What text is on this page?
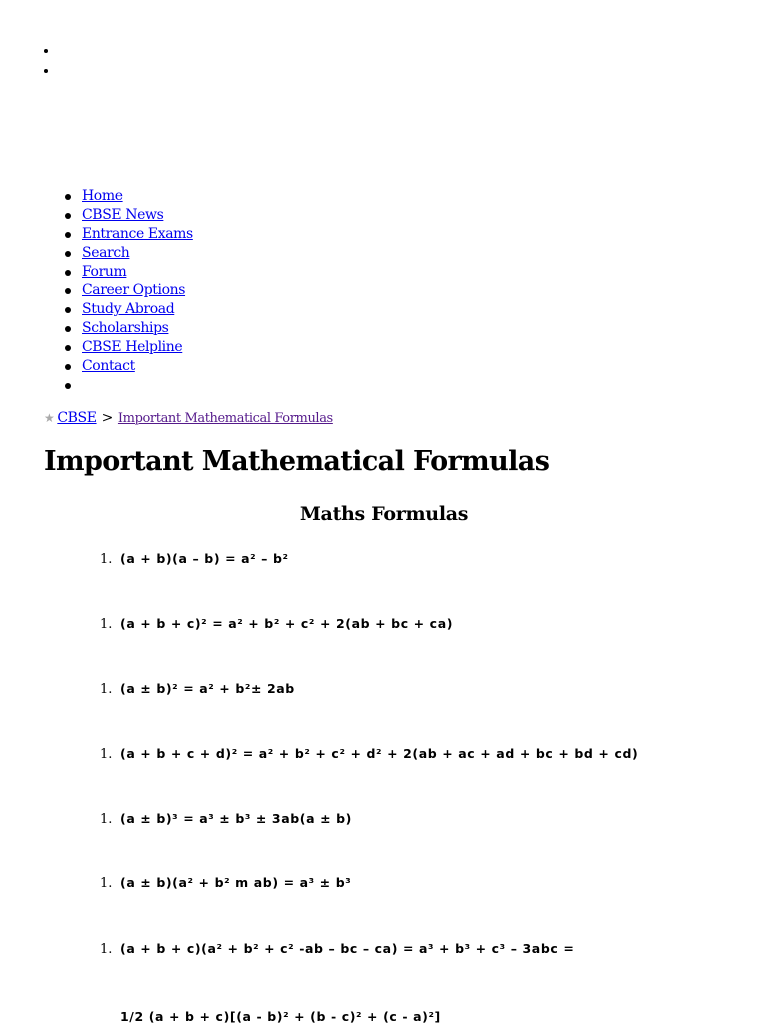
Home
CBSE News
Entrance Exams
Search
Forum
Career Options
Study Abroad
Scholarships
CBSE Helpline
Contact
★ CBSE > Important Mathematical Formulas
Important Mathematical Formulas
Maths Formulas
1. (a + b)(a – b) = a² – b²
1. (a + b + c)² = a² + b² + c² + 2(ab + bc + ca)
1. (a ± b)² = a² + b²± 2ab
1. (a + b + c + d)² = a² + b² + c² + d² + 2(ab + ac + ad + bc + bd + cd)
1. (a ± b)³ = a³ ± b³ ± 3ab(a ± b)
1. (a ± b)(a² + b² m ab) = a³ ± b³
1. (a + b + c)(a² + b² + c² -ab – bc – ca) = a³ + b³ + c³ – 3abc =
1/2 (a + b + c)[(a - b)² + (b - c)² + (c - a)²]
